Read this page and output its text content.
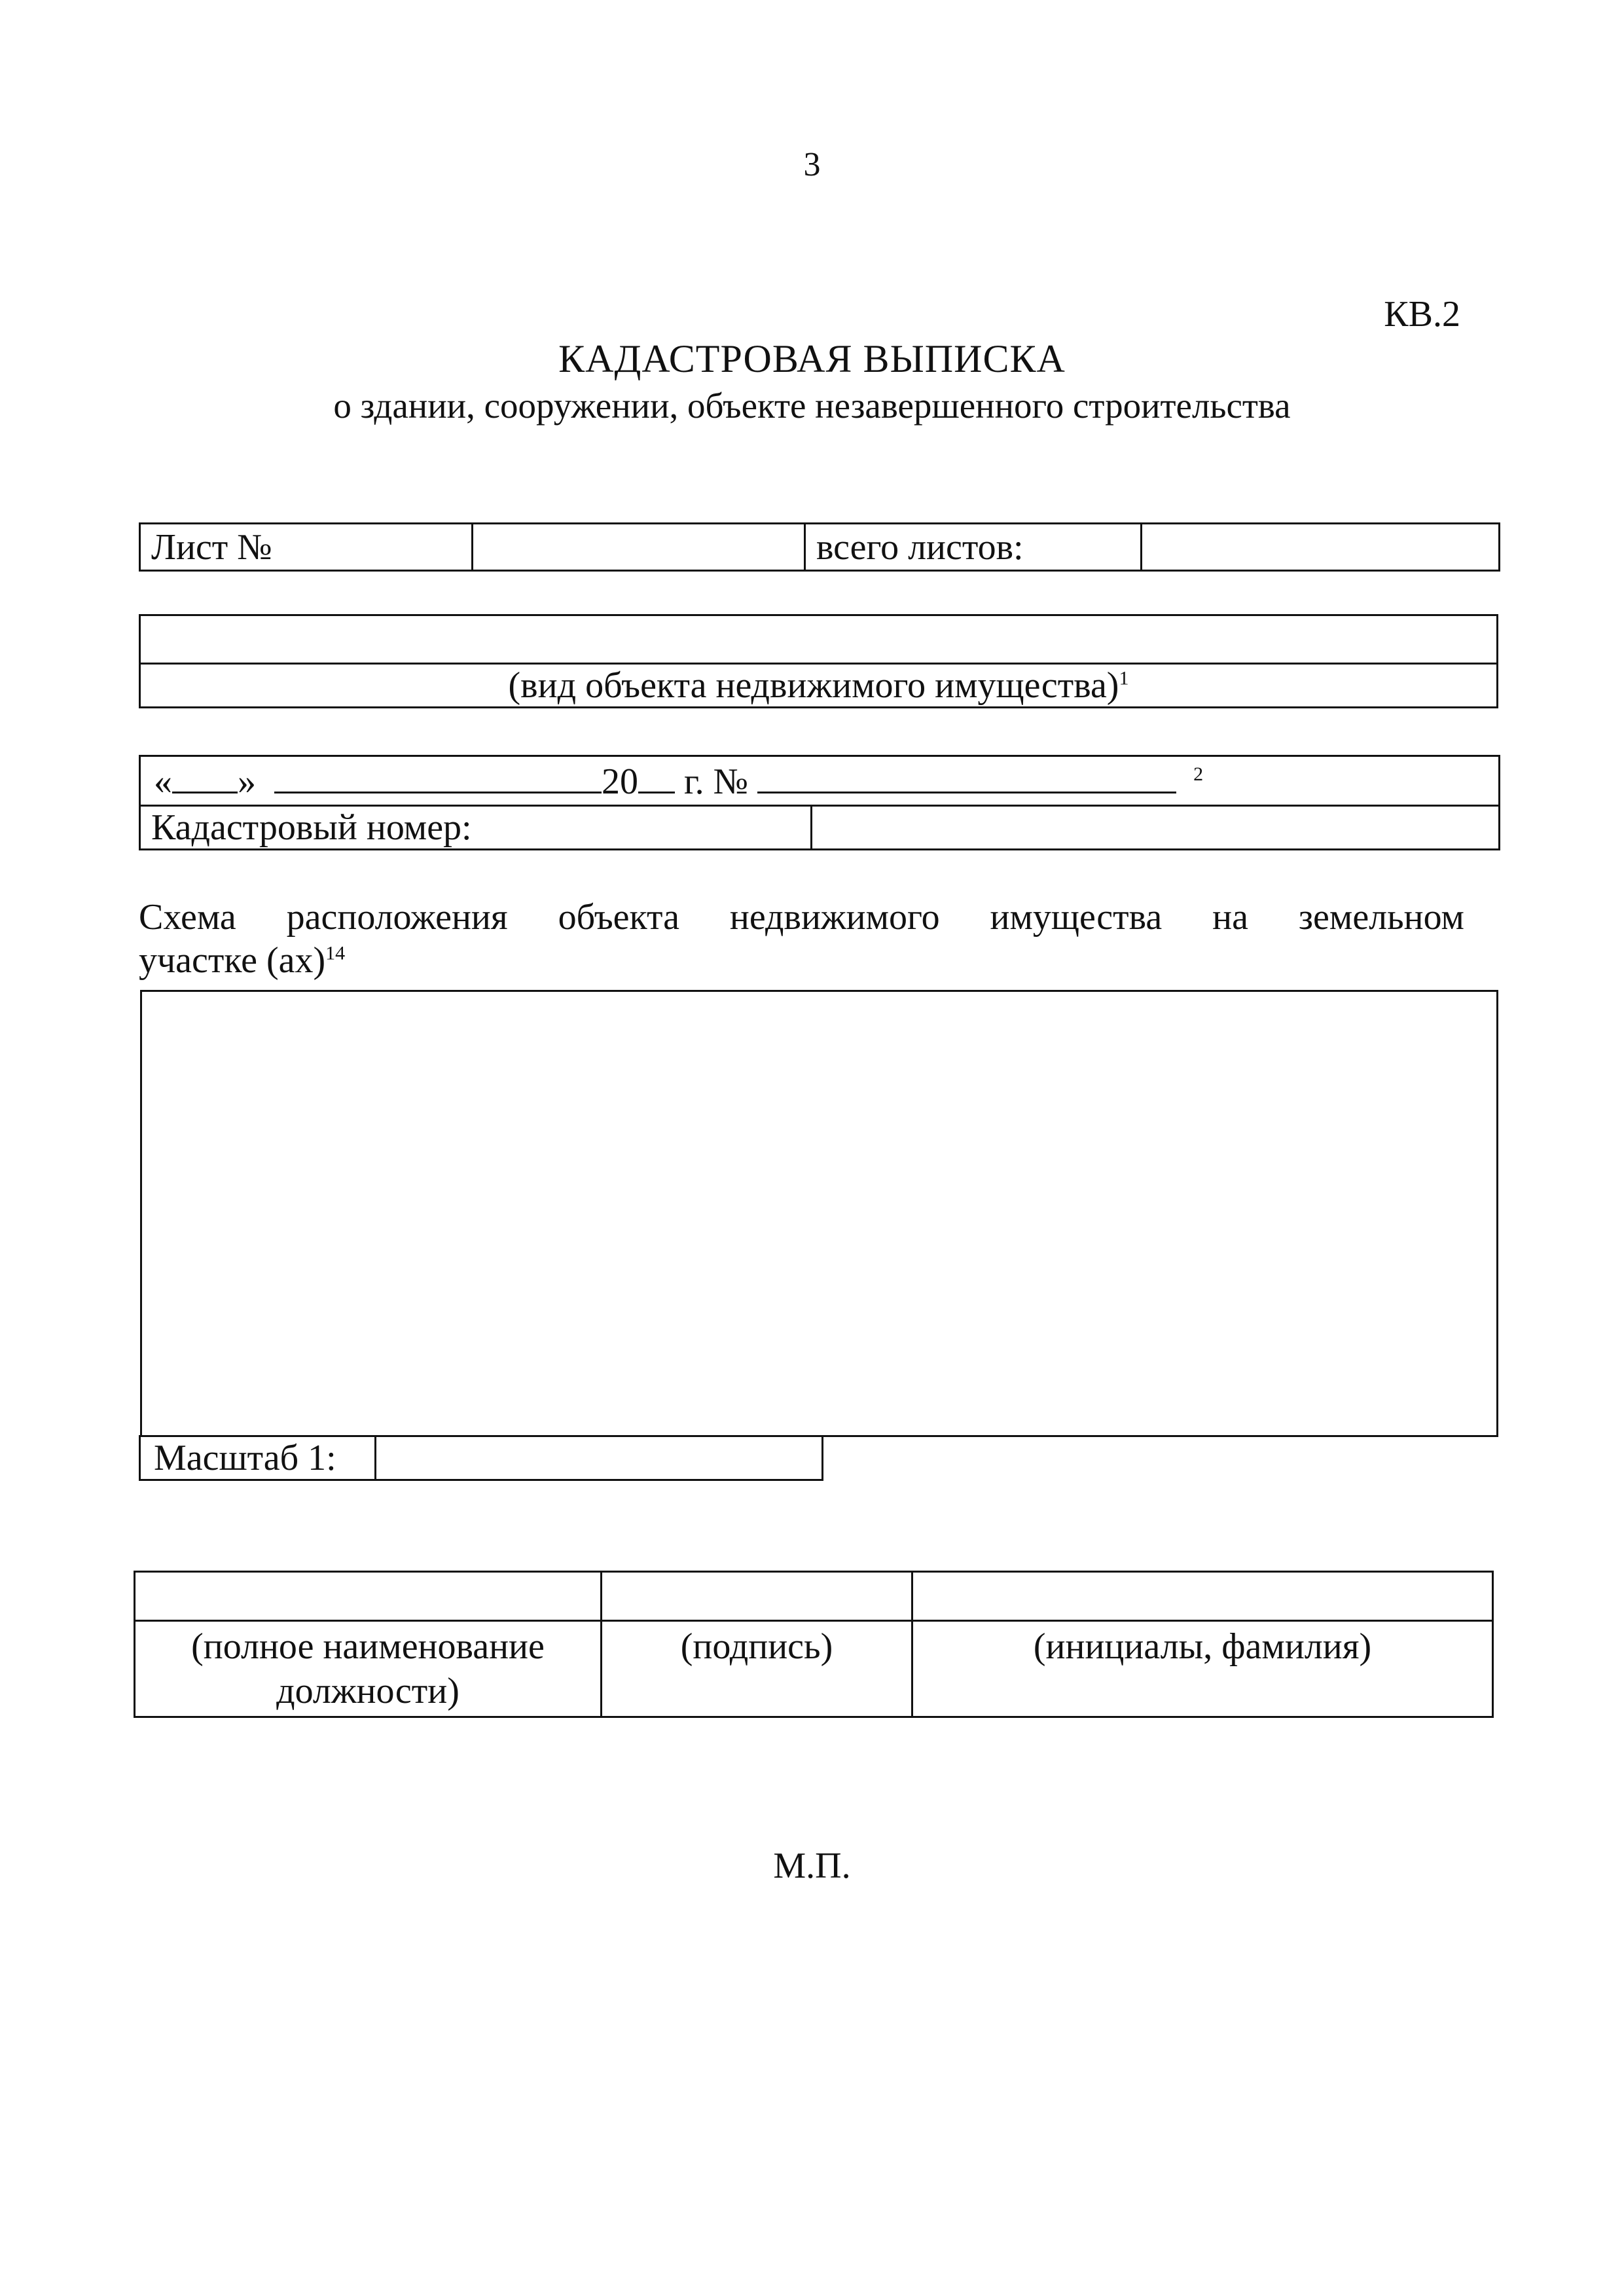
3
КВ.2
КАДАСТРОВАЯ ВЫПИСКА
о здании, сооружении, объекте незавершенного строительства
Лист №		всего листов:	

(вид объекта недвижимого имущества)$^1$
« »	20 г. №	$^2$
Кадастровый номер:	
Схема расположения объекта недвижимого имущества на земельном
участке (ах)$^{14}$
Масштаб 1:	

(полное наименование должности)	(подпись)	(инициалы, фамилия)
М.П.
